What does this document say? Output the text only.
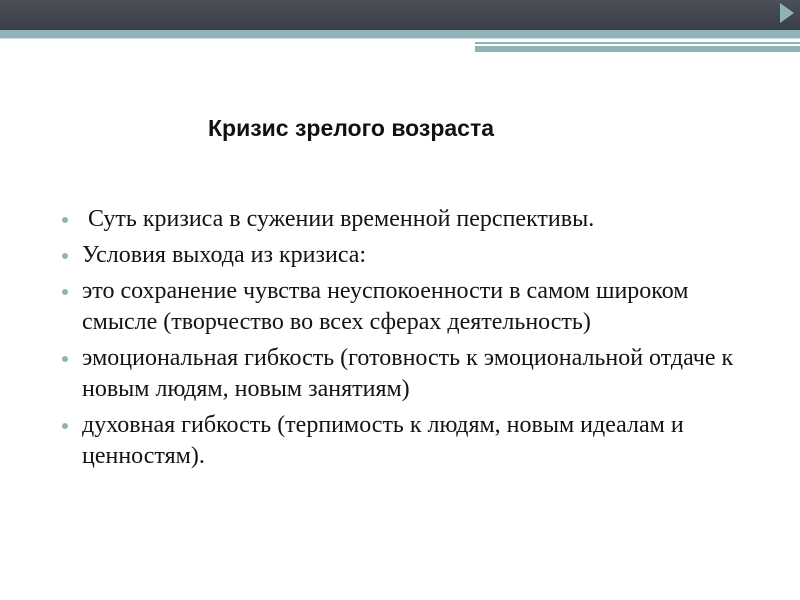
Кризис зрелого возраста
Суть кризиса в сужении временной перспективы.
Условия выхода из кризиса:
это сохранение чувства неуспокоенности в самом широком смысле (творчество во всех сферах деятельность)
эмоциональная гибкость (готовность к эмоциональной отдаче к новым людям, новым занятиям)
духовная гибкость (терпимость к людям, новым идеалам и ценностям).
